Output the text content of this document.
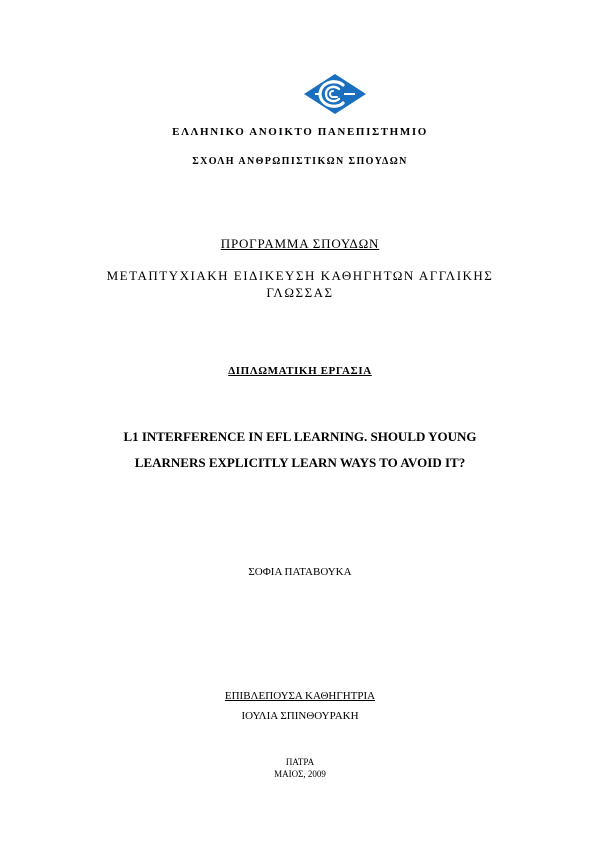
ΕΛΛΗΝΙΚΟ ΑΝΟΙΚΤΟ ΠΑΝΕΠΙΣΤΗΜΙΟ
ΣΧΟΛΗ ΑΝΘΡΩΠΙΣΤΙΚΩΝ ΣΠΟΥΔΩΝ
ΠΡΟΓΡΑΜΜΑ ΣΠΟΥΔΩΝ
ΜΕΤΑΠΤΥΧΙΑΚΗ ΕΙΔΙΚΕΥΣΗ ΚΑΘΗΓΗΤΩΝ ΑΓΓΛΙΚΗΣ
ΓΛΩΣΣΑΣ
ΔΙΠΛΩΜΑΤΙΚΗ ΕΡΓΑΣΙΑ
L1 INTERFERENCE IN EFL LEARNING. SHOULD YOUNG
LEARNERS EXPLICITLY LEARN WAYS TO AVOID IT?
ΣΟΦΙΑ ΠΑΤΑΒΟΥΚΑ
ΕΠΙΒΛΕΠΟΥΣΑ ΚΑΘΗΓΗΤΡΙΑ
ΙΟΥΛΙΑ ΣΠΙΝΘΟΥΡΑΚΗ
ΠΑΤΡΑ
ΜΑΙΟΣ, 2009
